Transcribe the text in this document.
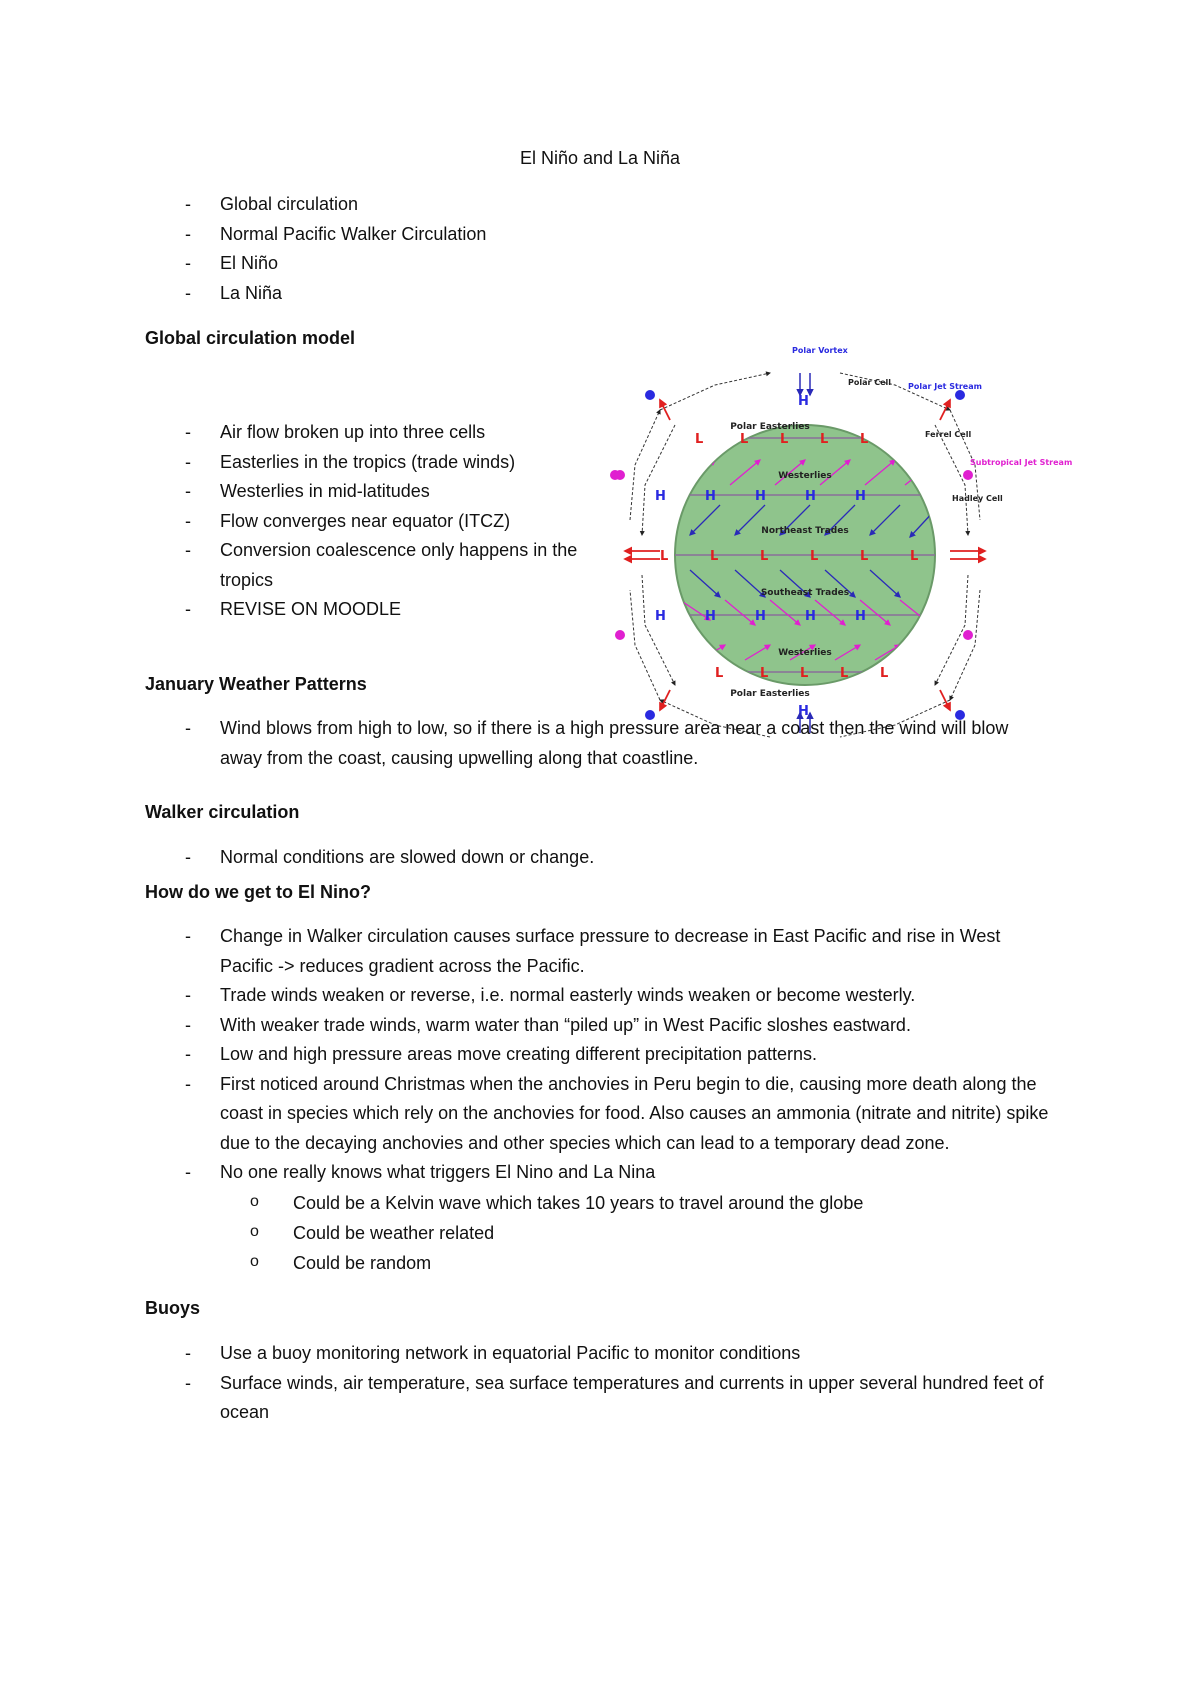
El Niño and La Niña
- Global circulation
- Normal Pacific Walker Circulation
- El Niño
- La Niña

Global circulation model

- Air flow broken up into three cells
- Easterlies in the tropics (trade winds)
- Westerlies in mid-latitudes
- Flow converges near equator (ITCZ)
- Conversion coalescence only happens in the tropics
- REVISE ON MOODLE
L	L L L L
L	L	L	L	L	L
L	L L L L
H
H	H	H	H	H
H	H	H	H	H
H
Polar Easterlies
Westerlies
Northeast Trades
Southeast Trades
Westerlies
Polar Easterlies
Polar Vortex
Polar Cell Polar Jet Stream
Ferrel Cell
Subtropical Jet Stream
Hadley Cell

January Weather Patterns

- Wind blows from high to low, so if there is a high pressure area near a coast then the wind will blow away from the coast, causing upwelling along that coastline.

Walker circulation

- Normal conditions are slowed down or change.

How do we get to El Nino?

- Change in Walker circulation causes surface pressure to decrease in East Pacific and rise in West Pacific -> reduces gradient across the Pacific.
- Trade winds weaken or reverse, i.e. normal easterly winds weaken or become westerly.
- With weaker trade winds, warm water than “piled up” in West Pacific sloshes eastward.
- Low and high pressure areas move creating different precipitation patterns.
- First noticed around Christmas when the anchovies in Peru begin to die, causing more death along the coast in species which rely on the anchovies for food. Also causes an ammonia (nitrate and nitrite) spike due to the decaying anchovies and other species which can lead to a temporary dead zone.
- No one really knows what triggers El Nino and La Nina
o Could be a Kelvin wave which takes 10 years to travel around the globe
o Could be weather related
o Could be random

Buoys

- Use a buoy monitoring network in equatorial Pacific to monitor conditions
- Surface winds, air temperature, sea surface temperatures and currents in upper several hundred feet of ocean
